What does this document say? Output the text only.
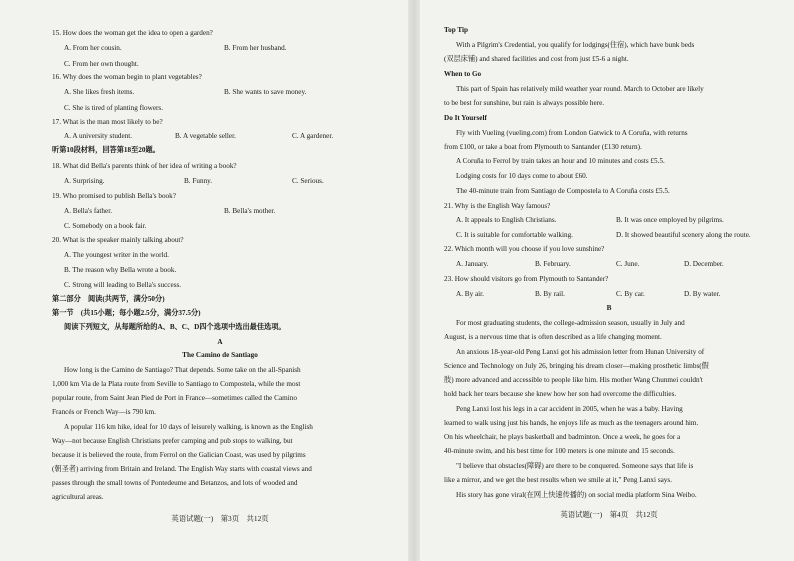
15. How does the woman get the idea to open a garden?
A. From her cousin.	B. From her husband.
C. From her own thought.
16. Why does the woman begin to plant vegetables?
A. She likes fresh items.	B. She wants to save money.
C. She is tired of planting flowers.
17. What is the man most likely to be?
A. A university student.	B. A vegetable seller.	C. A gardener.
听第10段材料，回答第18至20题。
18. What did Bella's parents think of her idea of writing a book?
A. Surprising.	B. Funny.	C. Serious.
19. Who promised to publish Bella's book?
A. Bella's father.	B. Bella's mother.
C. Somebody on a book fair.
20. What is the speaker mainly talking about?
A. The youngest writer in the world.
B. The reason why Bella wrote a book.
C. Strong will leading to Bella's success.
第二部分　阅读(共两节，满分50分)
第一节　(共15小题；每小题2.5分，满分37.5分)
阅读下列短文，从每题所给的A、B、C、D四个选项中选出最佳选项。
A
The Camino de Santiago
How long is the Camino de Santiago? That depends. Some take on the all-Spanish
1,000 km Via de la Plata route from Seville to Santiago to Compostela, while the most
popular route, from Saint Jean Pied de Port in France—sometimes called the Camino
Francés or French Way—is 790 km.
A popular 116 km hike, ideal for 10 days of leisurely walking, is known as the English
Way—not because English Christians prefer camping and pub stops to walking, but
because it is believed the route, from Ferrol on the Galician Coast, was used by pilgrims
(朝圣者) arriving from Britain and Ireland. The English Way starts with coastal views and
passes through the small towns of Pontedeume and Betanzos, and lots of wooded and
agricultural areas.
英语试题(一)　第3页　共12页
Top Tip
With a Pilgrim's Credential, you qualify for lodgings(住宿), which have bunk beds
(双层床铺) and shared facilities and cost from just £5-6 a night.
When to Go
This part of Spain has relatively mild weather year round. March to October are likely
to be best for sunshine, but rain is always possible here.
Do It Yourself
Fly with Vueling (vueling.com) from London Gatwick to A Coruña, with returns
from £100, or take a boat from Plymouth to Santander (£130 return).
A Coruña to Ferrol by train takes an hour and 10 minutes and costs £5.5.
Lodging costs for 10 days come to about £60.
The 40-minute train from Santiago de Compostela to A Coruña costs £5.5.
21. Why is the English Way famous?
A. It appeals to English Christians.	B. It was once employed by pilgrims.
C. It is suitable for comfortable walking.	D. It showed beautiful scenery along the route.
22. Which month will you choose if you love sunshine?
A. January.	B. February.	C. June.	D. December.
23. How should visitors go from Plymouth to Santander?
A. By air.	B. By rail.	C. By car.	D. By water.
B
For most graduating students, the college-admission season, usually in July and
August, is a nervous time that is often described as a life changing moment.
An anxious 18-year-old Peng Lanxi got his admission letter from Hunan University of
Science and Technology on July 26, bringing his dream closer—making prosthetic limbs(假
肢) more advanced and accessible to people like him. His mother Wang Chunmei couldn't
hold back her tears because she knew how her son had overcome the difficulties.
Peng Lanxi lost his legs in a car accident in 2005, when he was a baby. Having
learned to walk using just his hands, he enjoys life as much as the teenagers around him.
On his wheelchair, he plays basketball and badminton. Once a week, he goes for a
40-minute swim, and his best time for 100 meters is one minute and 15 seconds.
"I believe that obstacles(障碍) are there to be conquered. Someone says that life is
like a mirror, and we get the best results when we smile at it," Peng Lanxi says.
His story has gone viral(在网上快速传播的) on social media platform Sina Weibo.
英语试题(一)　第4页　共12页
